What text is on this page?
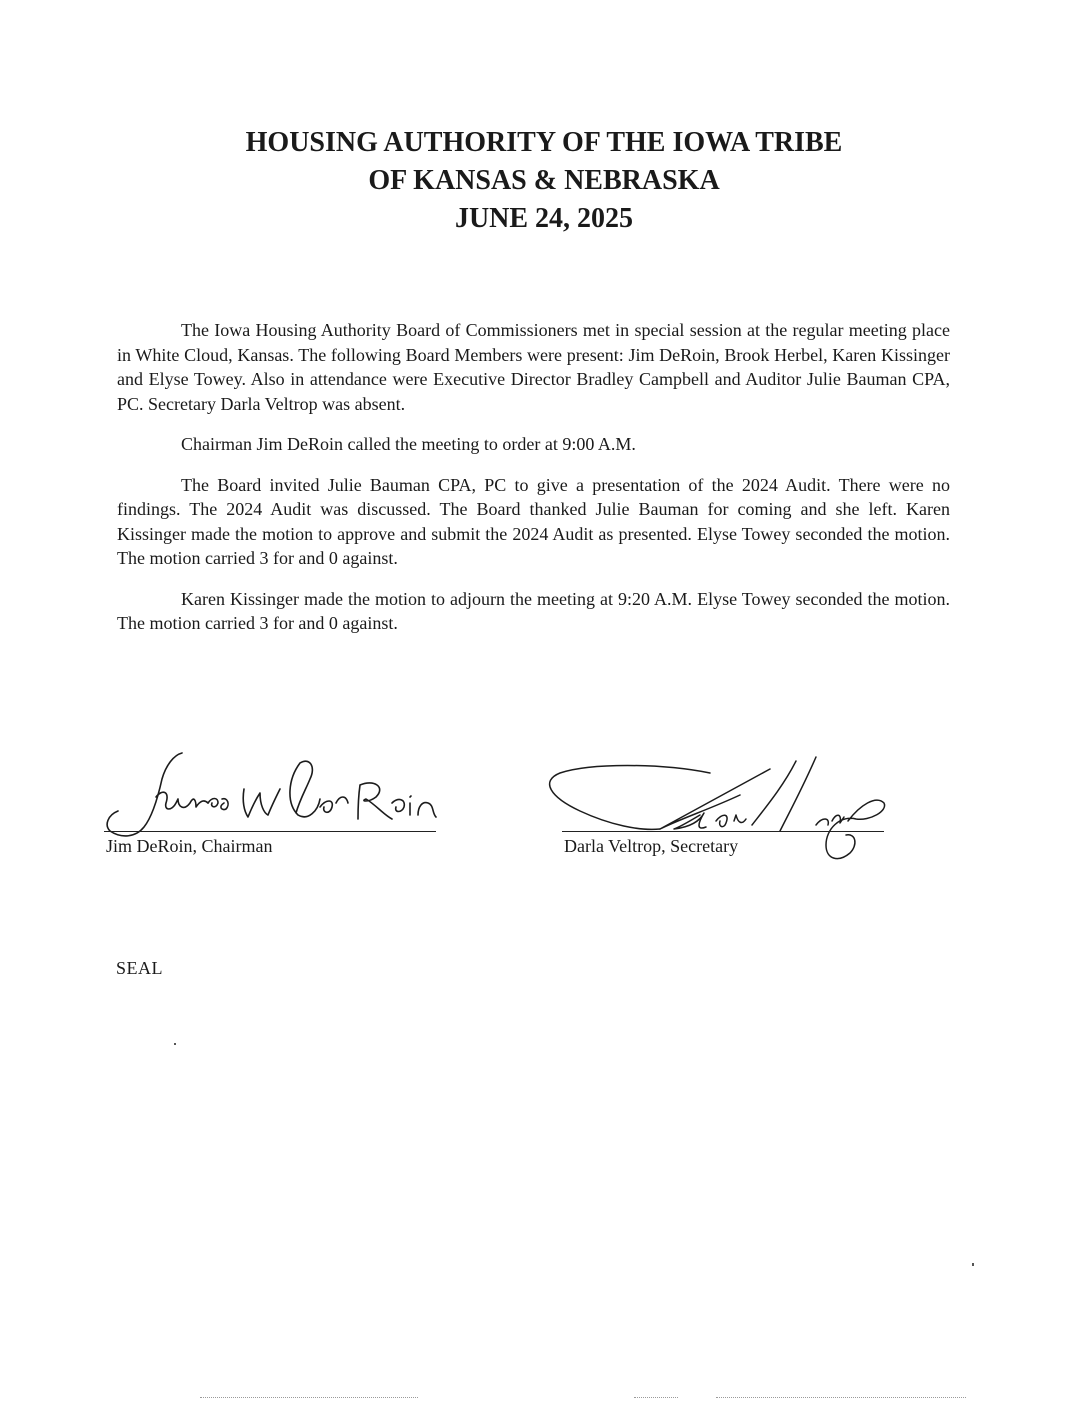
HOUSING AUTHORITY OF THE IOWA TRIBE
OF KANSAS & NEBRASKA
JUNE 24, 2025

The Iowa Housing Authority Board of Commissioners met in special session at the regular meeting place in White Cloud, Kansas. The following Board Members were present: Jim DeRoin, Brook Herbel, Karen Kissinger and Elyse Towey. Also in attendance were Executive Director Bradley Campbell and Auditor Julie Bauman CPA, PC. Secretary Darla Veltrop was absent.

Chairman Jim DeRoin called the meeting to order at 9:00 A.M.

The Board invited Julie Bauman CPA, PC to give a presentation of the 2024 Audit. There were no findings. The 2024 Audit was discussed. The Board thanked Julie Bauman for coming and she left. Karen Kissinger made the motion to approve and submit the 2024 Audit as presented. Elyse Towey seconded the motion. The motion carried 3 for and 0 against.

Karen Kissinger made the motion to adjourn the meeting at 9:20 A.M. Elyse Towey seconded the motion. The motion carried 3 for and 0 against.

Jim DeRoin, Chairman	Darla Veltrop, Secretary
SEAL
